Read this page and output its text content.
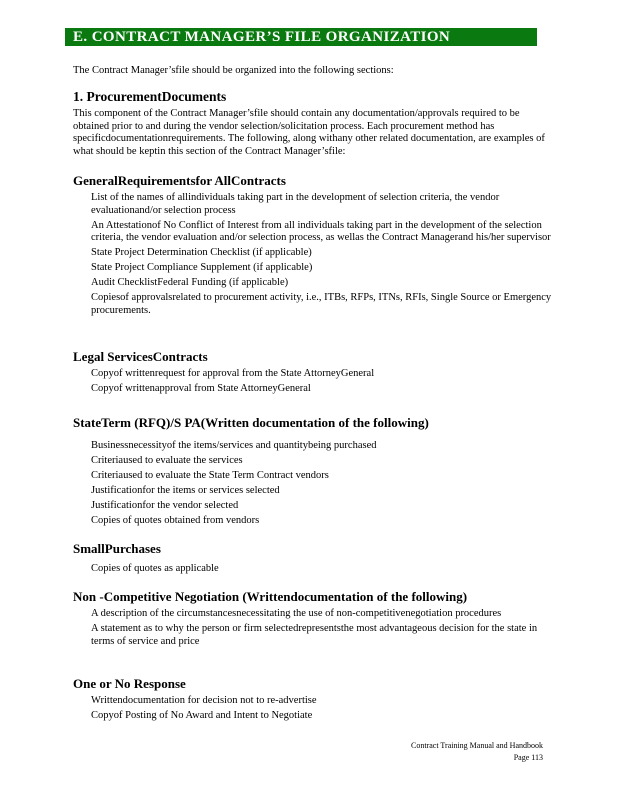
E. CONTRACT MANAGER’S FILE ORGANIZATION
The Contract Manager’sfile should be organized into the following sections:
1. ProcurementDocuments
This component of the Contract Manager’sfile should contain any documentation/approvals required to be obtained prior to and during the vendor selection/solicitation process. Each procurement method has specificdocumentationrequirements. The following, along withany other related documentation, are examples of what should be keptin this section of the Contract Manager’sfile:
GeneralRequirementsfor AllContracts
List of the names of allindividuals taking part in the development of selection criteria, the vendor evaluationand/or selection process
An Attestationof No Conflict of Interest from all individuals taking part in the development of the selection criteria, the vendor evaluation and/or selection process, as wellas the Contract Managerand his/her supervisor
State Project Determination Checklist (if applicable)
State Project Compliance Supplement (if applicable)
Audit ChecklistFederal Funding (if applicable)
Copiesof approvalsrelated to procurement activity, i.e., ITBs, RFPs, ITNs, RFIs, Single Source or Emergency procurements.
Legal ServicesContracts
Copyof writtenrequest for approval from the State AttorneyGeneral
Copyof writtenapproval from State AttorneyGeneral
StateTerm (RFQ)/S PA(Written documentation of the following)
Businessnecessityof the items/services and quantitybeing purchased
Criteriaused to evaluate the services
Criteriaused to evaluate the State Term Contract vendors
Justificationfor the items or services selected
Justificationfor the vendor selected
Copies of quotes obtained from vendors
SmallPurchases
Copies of quotes as applicable
Non -Competitive Negotiation (Writtendocumentation of the following)
A description of the circumstancesnecessitating the use of non-competitivenegotiation procedures
A statement as to why the person or firm selectedrepresentsthe most advantageous decision for the state in terms of service and price
One or No Response
Writtendocumentation for decision not to re-advertise
Copyof Posting of No Award and Intent to Negotiate
Contract Training Manual and Handbook
Page 113
